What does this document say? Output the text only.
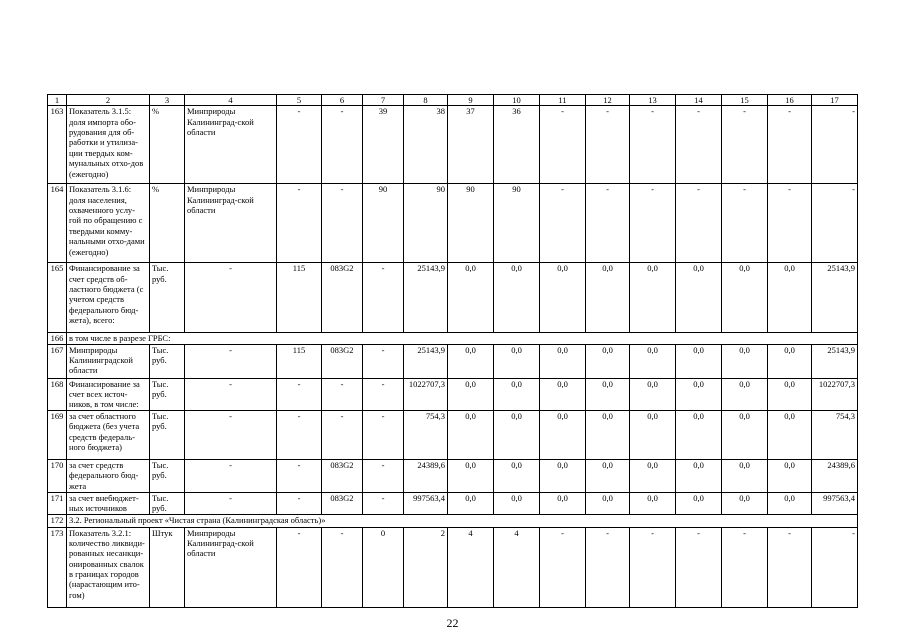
1	2	3	4	5	6	7	8	9	10	11	12	13	14	15	16	17
163	Показатель 3.1.5: доля импорта обо-рудования для об-работки и утилиза-ции твердых ком-мунальных отхо-дов (ежегодно)	%	Минприроды Калининград-ской области	-	-	39	38	37	36	-	-	-	-	-	-	-
164	Показатель 3.1.6: доля населения, охваченного услу-гой по обращению с твердыми комму-нальными отхо-дами (ежегодно)	%	Минприроды Калининград-ской области	-	-	90	90	90	90	-	-	-	-	-	-	-
165	Финансирование за счет средств об-ластного бюджета (с учетом средств федерального бюд-жета), всего:	Тыс. руб.	-	115	083G2	-	25143,9	0,0	0,0	0,0	0,0	0,0	0,0	0,0	0,0	25143,9
166	в том числе в разрезе ГРБС:															
167	Минприроды Калининградской области	Тыс. руб.	-	115	083G2	-	25143,9	0,0	0,0	0,0	0,0	0,0	0,0	0,0	0,0	25143,9
168	Финансирование за счет всех источ-ников, в том числе:	Тыс. руб.	-	-	-	-	1022707,3	0,0	0,0	0,0	0,0	0,0	0,0	0,0	0,0	1022707,3
169	за счет областного бюджета (без учета средств федераль-ного бюджета)	Тыс. руб.	-	-	-	-	754,3	0,0	0,0	0,0	0,0	0,0	0,0	0,0	0,0	754,3
170	за счет средств федерального бюд-жета	Тыс. руб.	-	-	083G2	-	24389,6	0,0	0,0	0,0	0,0	0,0	0,0	0,0	0,0	24389,6
171	за счет внебюджет-ных источников	Тыс. руб.	-	-	083G2	-	997563,4	0,0	0,0	0,0	0,0	0,0	0,0	0,0	0,0	997563,4
172	3.2. Региональный проект «Чистая страна (Калининградская область)»															
173	Показатель 3.2.1: количество ликвиди-рованных несанкци-онированных свалок в границах городов (нарастающим ито-гом)	Штук	Минприроды Калининград-ской области	-	-	0	2	4	4	-	-	-	-	-	-	-
22
